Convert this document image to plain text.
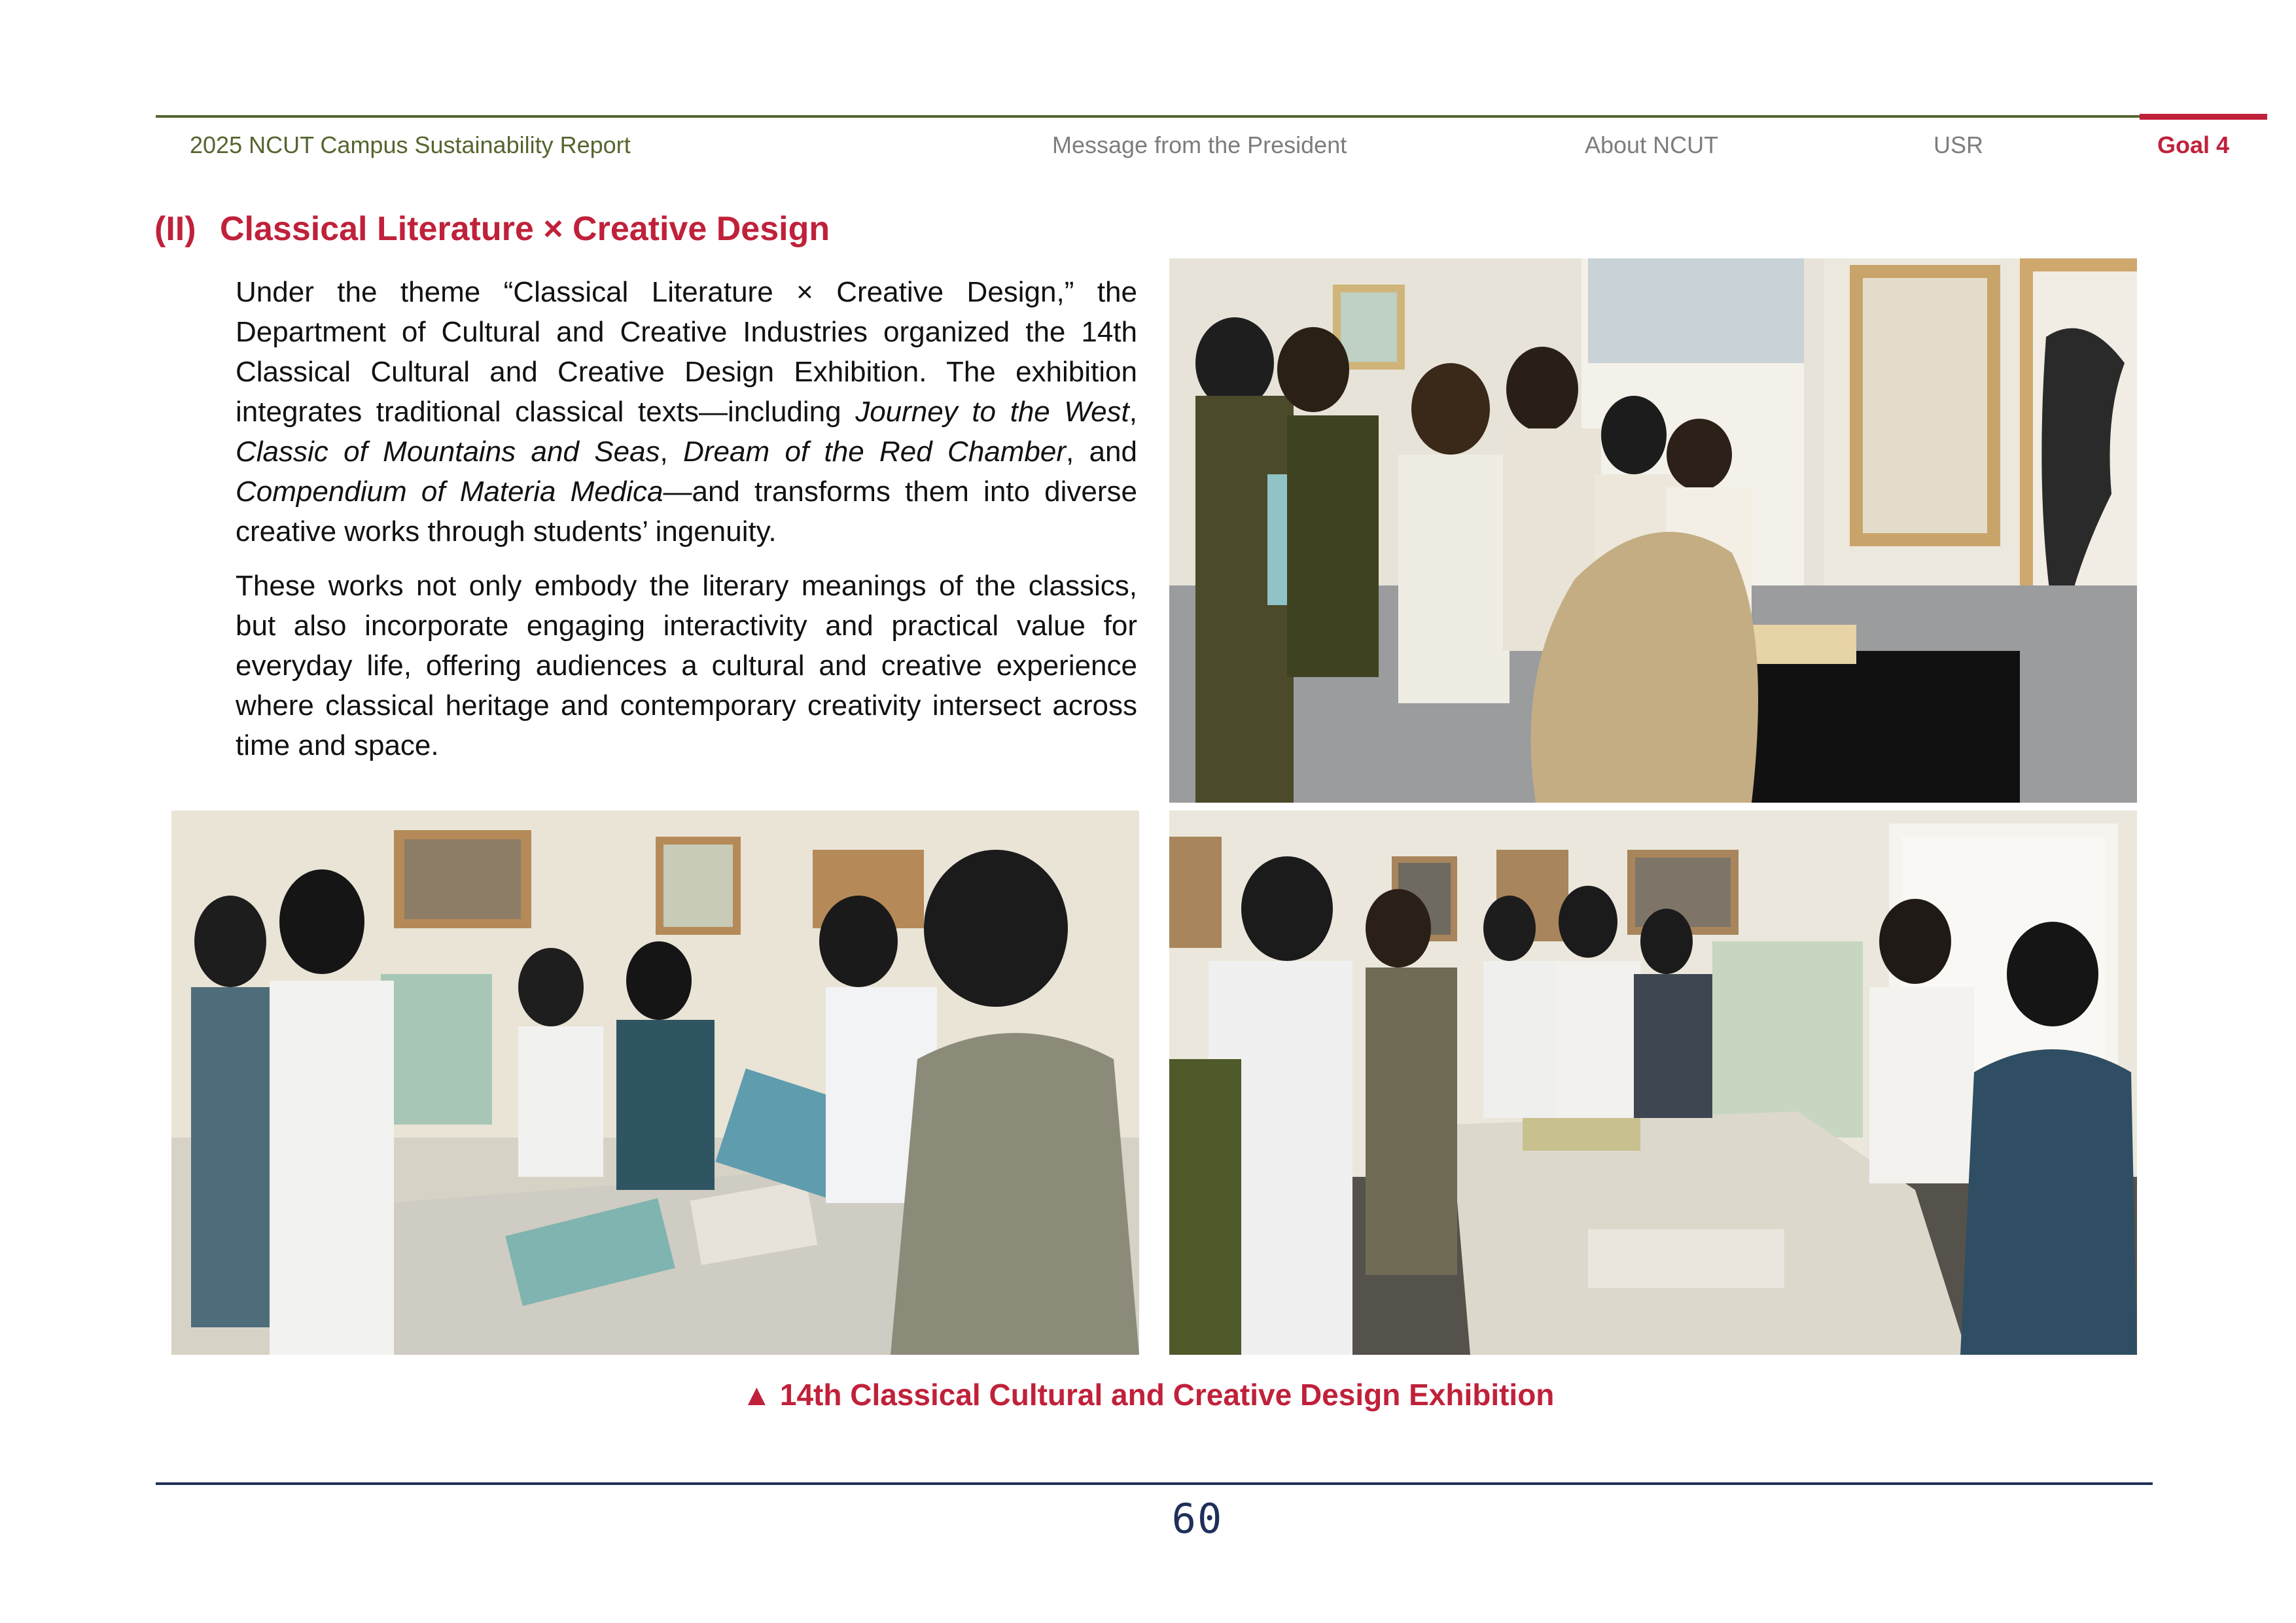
2025 NCUT Campus Sustainability Report	Message from the President	About NCUT	USR	Goal 4
(II) Classical Literature × Creative Design

Under the theme “Classical Literature × Creative Design,” the Department of Cultural and Creative Industries organized the 14th Classical Cultural and Creative Design Exhibition. The exhibition integrates traditional classical texts—including Journey to the West, Classic of Mountains and Seas, Dream of the Red Chamber, and Compendium of Materia Medica—and transforms them into diverse creative works through students’ ingenuity.

These works not only embody the literary meanings of the classics, but also incorporate engaging interactivity and practical value for everyday life, offering audiences a cultural and creative experience where classical heritage and contemporary creativity intersect across time and space.

▲ 14th Classical Cultural and Creative Design Exhibition
60
